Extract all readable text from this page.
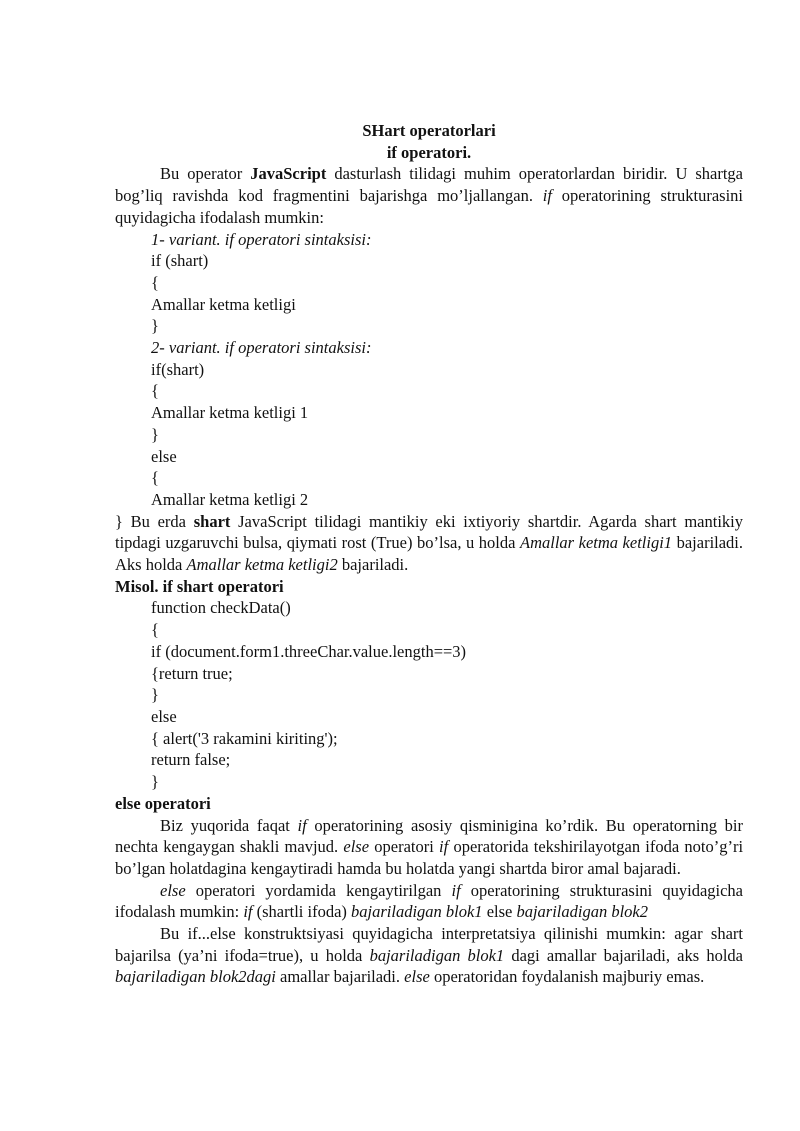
SHart operatorlari
if operatori.

Bu operator JavaScript dasturlash tilidagi muhim operatorlardan biridir. U shartga bog’liq ravishda kod fragmentini bajarishga mo’ljallangan. if operatorining strukturasini quyidagicha ifodalash mumkin:

1- variant. if operatori sintaksisi:
if (shart)
{
Amallar ketma ketligi
}
2- variant. if operatori sintaksisi:
if(shart)
{
Amallar ketma ketligi 1
}
else
{
Amallar ketma ketligi 2

} Bu erda shart JavaScript tilidagi mantikiy eki ixtiyoriy shartdir. Agarda shart mantikiy tipdagi uzgaruvchi bulsa, qiymati rost (True) bo’lsa, u holda Amallar ketma ketligi1 bajariladi. Aks holda Amallar ketma ketligi2 bajariladi.

Misol. if shart operatori

function checkData()
{
if (document.form1.threeChar.value.length==3)
{return true;
}
else
{ alert('3 rakamini kiriting');
return false;
}

else operatori

Biz yuqorida faqat if operatorining asosiy qisminigina ko’rdik. Bu operatorning bir nechta kengaygan shakli mavjud. else operatori if operatorida tekshirilayotgan ifoda noto’g’ri bo’lgan holatdagina kengaytiradi hamda bu holatda yangi shartda biror amal bajaradi.

else operatori yordamida kengaytirilgan if operatorining strukturasini quyidagicha ifodalash mumkin: if (shartli ifoda) bajariladigan blok1 else bajariladigan blok2

Bu if...else konstruktsiyasi quyidagicha interpretatsiya qilinishi mumkin: agar shart bajarilsa (ya’ni ifoda=true), u holda bajariladigan blok1 dagi amallar bajariladi, aks holda bajariladigan blok2dagi amallar bajariladi. else operatoridan foydalanish majburiy emas.
